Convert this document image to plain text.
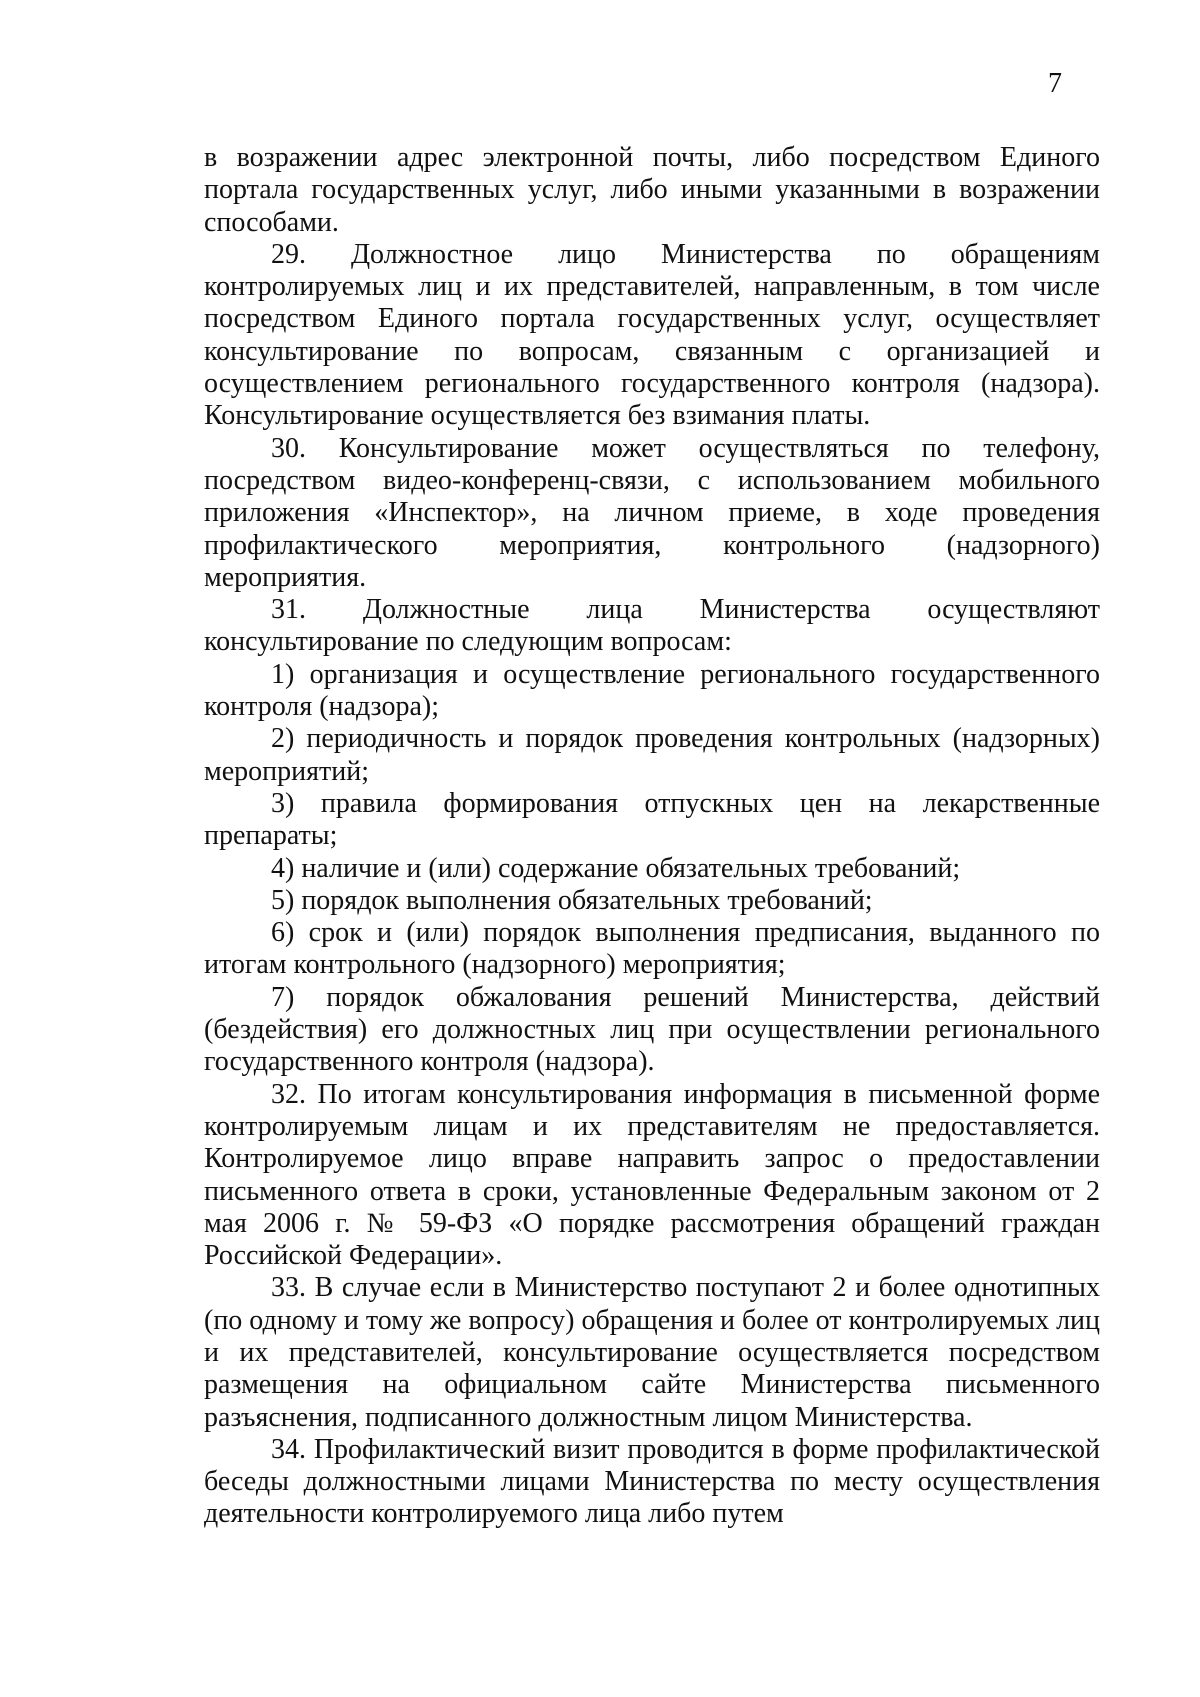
7

в возражении адрес электронной почты, либо посредством Единого портала государственных услуг, либо иными указанными в возражении способами.

29. Должностное лицо Министерства по обращениям контролируемых лиц и их представителей, направленным, в том числе посредством Единого портала государственных услуг, осуществляет консультирование по вопросам, связанным с организацией и осуществлением регионального государственного контроля (надзора). Консультирование осуществляется без взимания платы.

30. Консультирование может осуществляться по телефону, посредством видео-конференц-связи, с использованием мобильного приложения «Инспектор», на личном приеме, в ходе проведения профилактического мероприятия, контрольного (надзорного) мероприятия.

31. Должностные лица Министерства осуществляют консультирование по следующим вопросам:

1) организация и осуществление регионального государственного контроля (надзора);

2) периодичность и порядок проведения контрольных (надзорных) мероприятий;

3) правила формирования отпускных цен на лекарственные препараты;

4) наличие и (или) содержание обязательных требований;

5) порядок выполнения обязательных требований;

6) срок и (или) порядок выполнения предписания, выданного по итогам контрольного (надзорного) мероприятия;

7) порядок обжалования решений Министерства, действий (бездействия) его должностных лиц при осуществлении регионального государственного контроля (надзора).

32. По итогам консультирования информация в письменной форме контролируемым лицам и их представителям не предоставляется. Контролируемое лицо вправе направить запрос о предоставлении письменного ответа в сроки, установленные Федеральным законом от 2 мая 2006 г. № 59-ФЗ «О порядке рассмотрения обращений граждан Российской Федерации».

33. В случае если в Министерство поступают 2 и более однотипных (по одному и тому же вопросу) обращения и более от контролируемых лиц и их представителей, консультирование осуществляется посредством размещения на официальном сайте Министерства письменного разъяснения, подписанного должностным лицом Министерства.

34. Профилактический визит проводится в форме профилактической беседы должностными лицами Министерства по месту осуществления деятельности контролируемого лица либо путем
